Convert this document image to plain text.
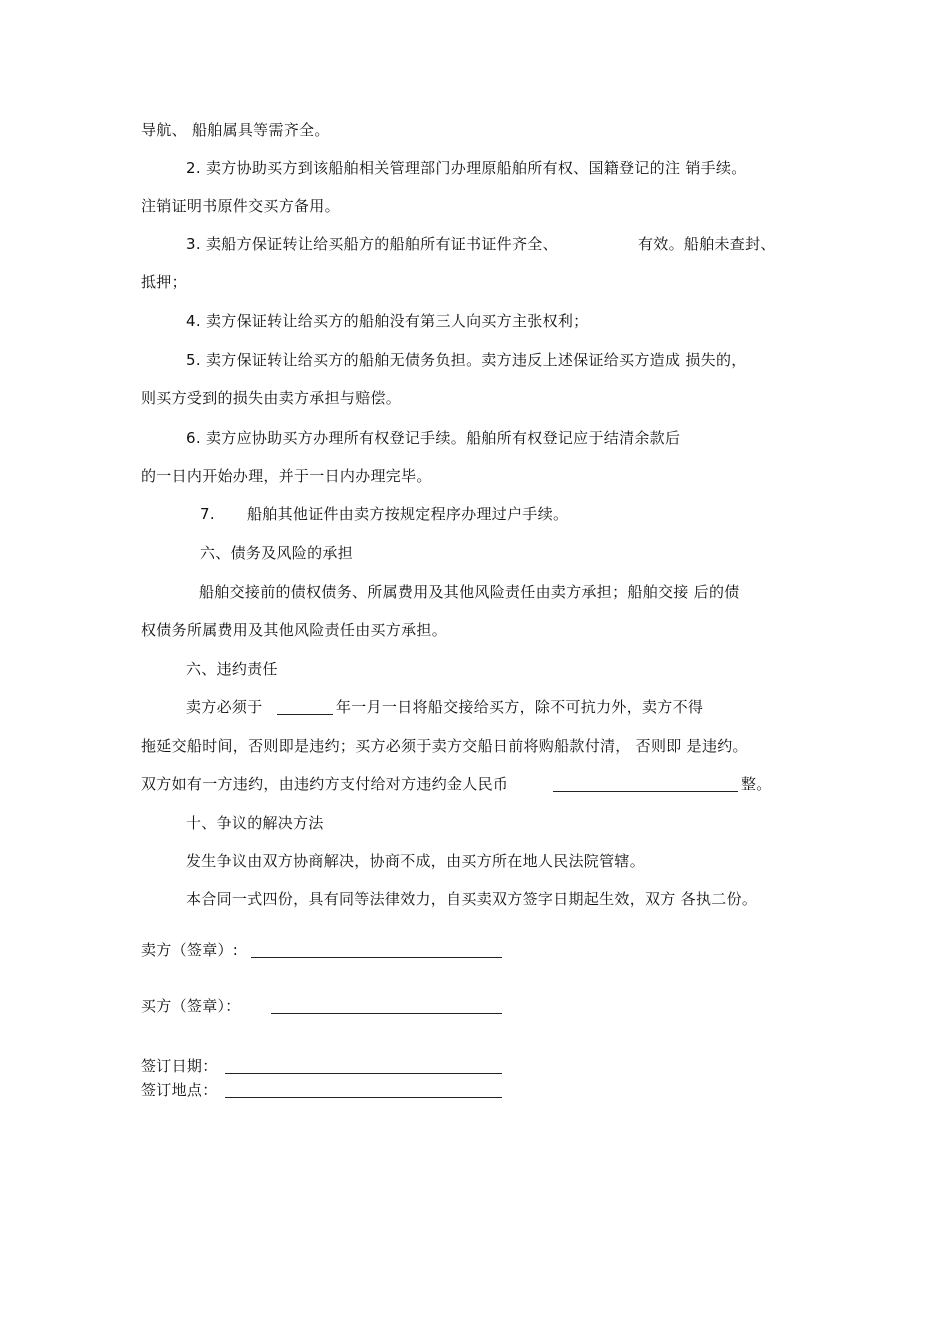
导航、 船舶属具等需齐全。
2. 卖方协助买方到该船舶相关管理部门办理原船舶所有权、国籍登记的注 销手续。
注销证明书原件交买方备用。
3. 卖船方保证转让给买船方的船舶所有证书证件齐全、	有效。船舶未查封、
抵押；
4. 卖方保证转让给买方的船舶没有第三人向买方主张权利；
5. 卖方保证转让给买方的船舶无债务负担。卖方违反上述保证给买方造成 损失的，
则买方受到的损失由卖方承担与赔偿。
6. 卖方应协助买方办理所有权登记手续。船舶所有权登记应于结清余款后
的一日内开始办理，并于一日内办理完毕。
7. 船舶其他证件由卖方按规定程序办理过户手续。
六、债务及风险的承担
船舶交接前的债权债务、所属费用及其他风险责任由卖方承担；船舶交接 后的债
权债务所属费用及其他风险责任由买方承担。
六、违约责任
卖方必须于	年一月一日将船交接给买方，除不可抗力外，卖方不得
拖延交船时间，否则即是违约；买方必须于卖方交船日前将购船款付清， 否则即 是违约。
双方如有一方违约，由违约方支付给对方违约金人民币	整。
十、争议的解决方法
发生争议由双方协商解决，协商不成，由买方所在地人民法院管辖。
本合同一式四份，具有同等法律效力，自买卖双方签字日期起生效，双方 各执二份。
卖方（签章）:
买方（签章）：
签订日期：
签订地点：
